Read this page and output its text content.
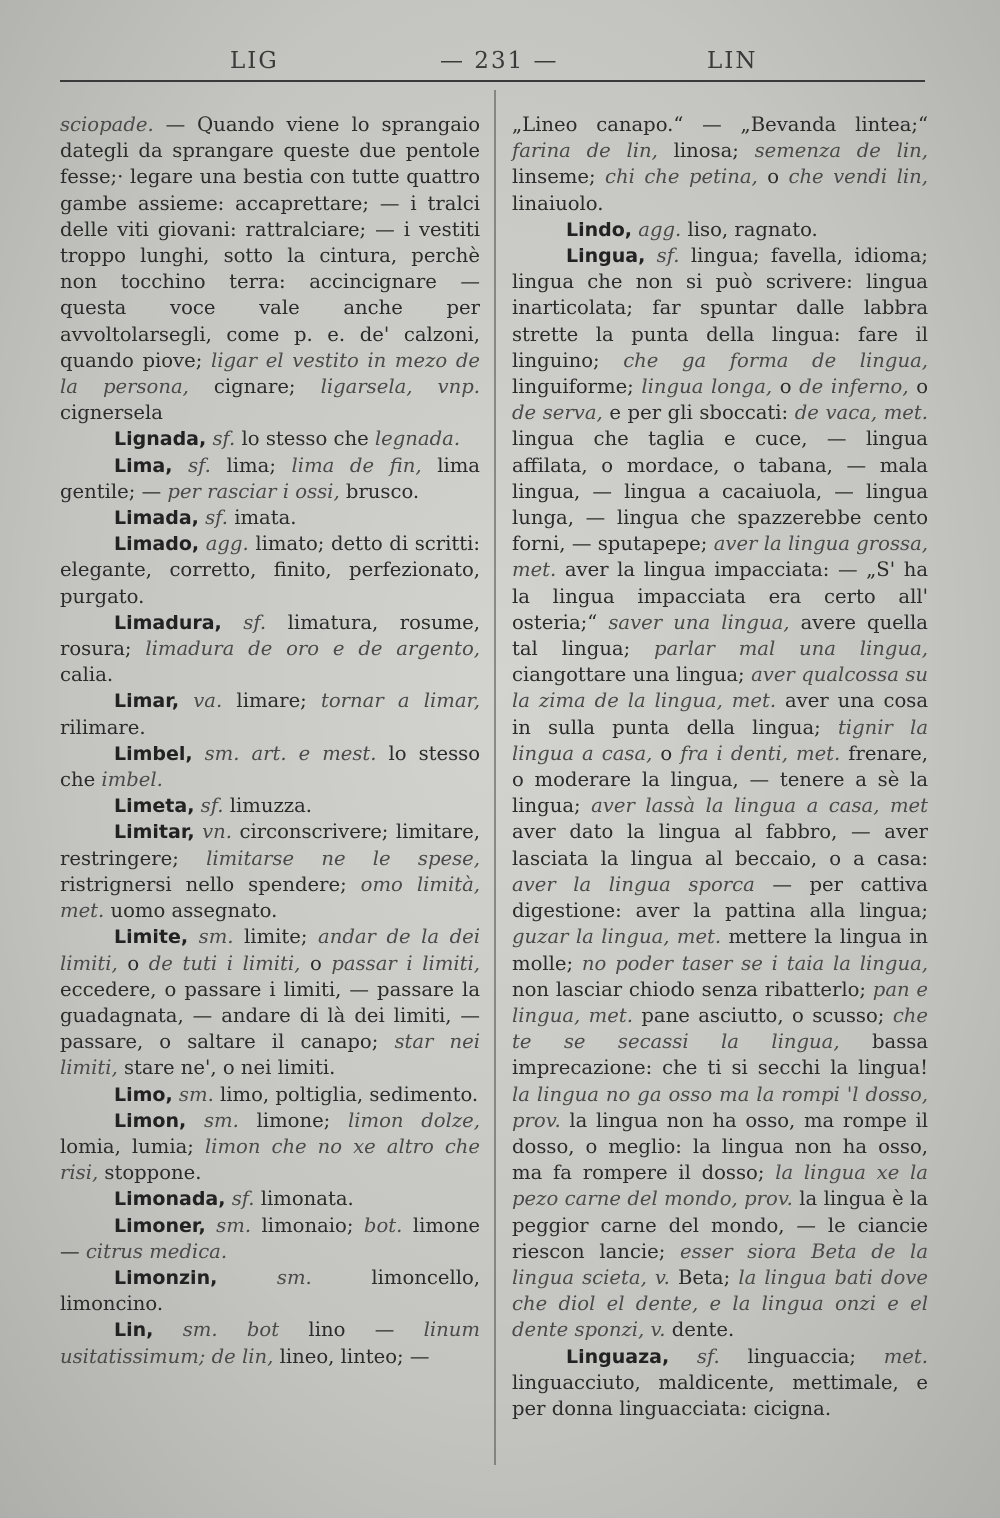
LIG	— 231 —	LIN

sciopade. — Quando viene lo sprangaio dategli da sprangare queste due pentole fesse;· legare una bestia con tutte quattro gambe assieme: accaprettare; — i tralci delle viti giovani: rattralciare; — i vestiti troppo lunghi, sotto la cintura, perchè non tocchino terra: accincignare — questa voce vale anche per avvoltolarsegli, come p. e. de' calzoni, quando piove; ligar el vestito in mezo de la persona, cignare; ligarsela, vnp. cignersela

Lignada, sf. lo stesso che legnada.

Lima, sf. lima; lima de fin, lima gentile; — per rasciar i ossi, brusco.

Limada, sf. imata.

Limado, agg. limato; detto di scritti: elegante, corretto, finito, perfezionato, purgato.

Limadura, sf. limatura, rosume, rosura; limadura de oro e de argento, calia.

Limar, va. limare; tornar a limar, rilimare.

Limbel, sm. art. e mest. lo stesso che imbel.

Limeta, sf. limuzza.

Limitar, vn. circonscrivere; limitare, restringere; limitarse ne le spese, ristrignersi nello spendere; omo limità, met. uomo assegnato.

Limite, sm. limite; andar de la dei limiti, o de tuti i limiti, o passar i limiti, eccedere, o passare i limiti, — passare la guadagnata, — andare di là dei limiti, — passare, o saltare il canapo; star nei limiti, stare ne', o nei limiti.

Limo, sm. limo, poltiglia, sedimento.

Limon, sm. limone; limon dolze, lomia, lumia; limon che no xe altro che risi, stoppone.

Limonada, sf. limonata.

Limoner, sm. limonaio; bot. limone — citrus medica.

Limonzin, sm. limoncello, limoncino.

Lin, sm. bot lino — linum usitatissimum; de lin, lineo, linteo; —

„Lineo canapo.“ — „Bevanda lintea;“ farina de lin, linosa; semenza de lin, linseme; chi che petina, o che vendi lin, linaiuolo.

Lindo, agg. liso, ragnato.

Lingua, sf. lingua; favella, idioma; lingua che non si può scrivere: lingua inarticolata; far spuntar dalle labbra strette la punta della lingua: fare il linguino; che ga forma de lingua, linguiforme; lingua longa, o de inferno, o de serva, e per gli sboccati: de vaca, met. lingua che taglia e cuce, — lingua affilata, o mordace, o tabana, — mala lingua, — lingua a cacaiuola, — lingua lunga, — lingua che spazzerebbe cento forni, — sputapepe; aver la lingua grossa, met. aver la lingua impacciata: — „S' ha la lingua impacciata era certo all' osteria;“ saver una lingua, avere quella tal lingua; parlar mal una lingua, ciangottare una lingua; aver qualcossa su la zima de la lingua, met. aver una cosa in sulla punta della lingua; tignir la lingua a casa, o fra i denti, met. frenare, o moderare la lingua, — tenere a sè la lingua; aver lassà la lingua a casa, met aver dato la lingua al fabbro, — aver lasciata la lingua al beccaio, o a casa: aver la lingua sporca — per cattiva digestione: aver la pattina alla lingua; guzar la lingua, met. mettere la lingua in molle; no poder taser se i taia la lingua, non lasciar chiodo senza ribatterlo; pan e lingua, met. pane asciutto, o scusso; che te se secassi la lingua, bassa imprecazione: che ti si secchi la lingua! la lingua no ga osso ma la rompi 'l dosso, prov. la lingua non ha osso, ma rompe il dosso, o meglio: la lingua non ha osso, ma fa rompere il dosso; la lingua xe la pezo carne del mondo, prov. la lingua è la peggior carne del mondo, — le ciancie riescon lancie; esser siora Beta de la lingua scieta, v. Beta; la lingua bati dove che diol el dente, e la lingua onzi e el dente sponzi, v. dente.

Linguaza, sf. linguaccia; met. linguacciuto, maldicente, mettimale, e per donna linguacciata: cicigna.
